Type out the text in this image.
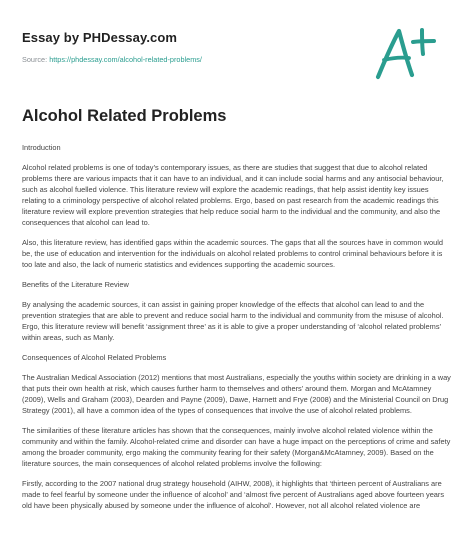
Essay by PHDessay.com

Source: https://phdessay.com/alcohol-related-problems/
Alcohol Related Problems

Introduction

Alcohol related problems is one of today’s contemporary issues, as there are studies that suggest that due to alcohol related problems there are various impacts that it can have to an individual, and it can include social harms and any antisocial behaviour, such as alcohol fuelled violence. This literature review will explore the academic readings, that help assist identity key issues relating to a criminology perspective of alcohol related problems. Ergo, based on past research from the academic readings this literature review will explore prevention strategies that help reduce social harm to the individual and the community, and also the consequences that alcohol can lead to.

Also, this literature review, has identified gaps within the academic sources. The gaps that all the sources have in common would be, the use of education and intervention for the individuals on alcohol related problems to control criminal behaviours before it is too late and also, the lack of numeric statistics and evidences supporting the academic sources.

Benefits of the Literature Review

By analysing the academic sources, it can assist in gaining proper knowledge of the effects that alcohol can lead to and the prevention strategies that are able to prevent and reduce social harm to the individual and community from the misuse of alcohol. Ergo, this literature review will benefit ‘assignment three’ as it is able to give a proper understanding of ‘alcohol related problems’ within areas, such as Manly.

Consequences of Alcohol Related Problems

The Australian Medical Association (2012) mentions that most Australians, especially the youths within society are drinking in a way that puts their own health at risk, which causes further harm to themselves and others’ around them. Morgan and McAtamney (2009), Wells and Graham (2003), Dearden and Payne (2009), Dawe, Harnett and Frye (2008) and the Ministerial Council on Drug Strategy (2001), all have a common idea of the types of consequences that involve the use of alcohol related problems.

The similarities of these literature articles has shown that the consequences, mainly involve alcohol related violence within the community and within the family. Alcohol-related crime and disorder can have a huge impact on the perceptions of crime and safety among the broader community, ergo making the community fearing for their safety (Morgan&McAtamney, 2009). Based on the literature sources, the main consequences of alcohol related problems involve the following:

Firstly, according to the 2007 national drug strategy household (AIHW, 2008), it highlights that ‘thirteen percent of Australians are made to feel fearful by someone under the influence of alcohol’ and ‘almost five percent of Australians aged above fourteen years old have been physically abused by someone under the influence of alcohol’. However, not all alcohol related violence are
